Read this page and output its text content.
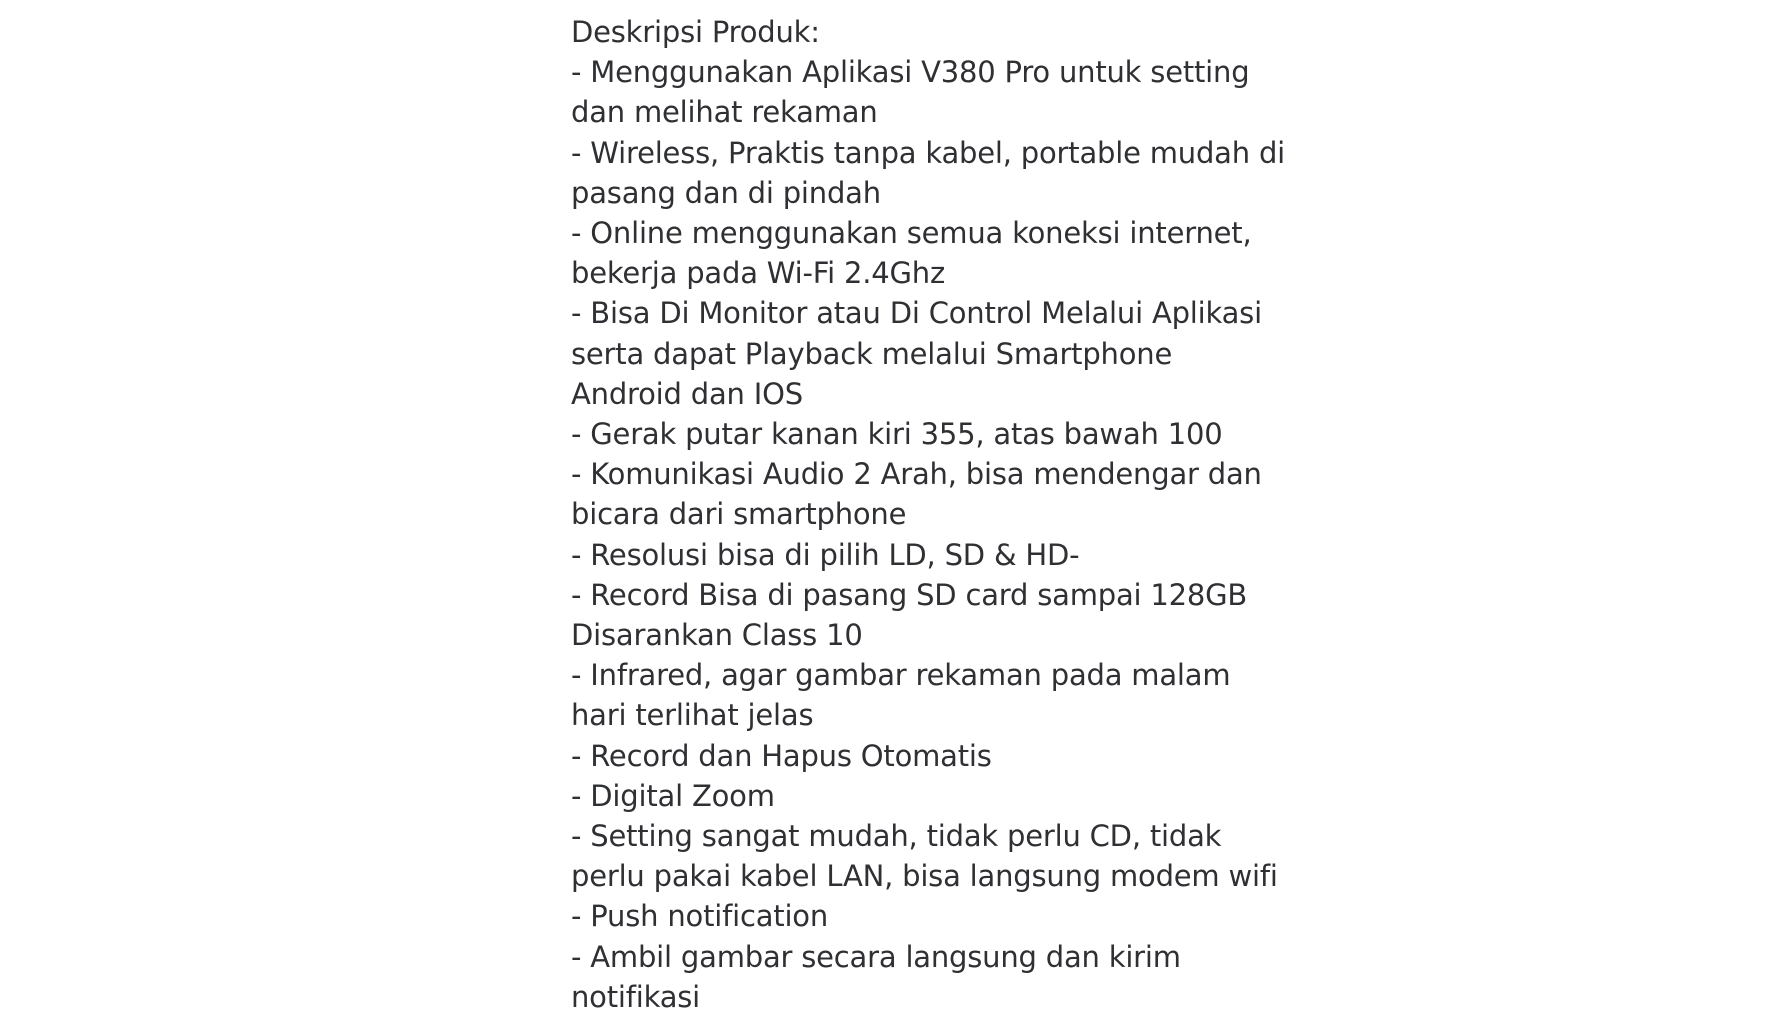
Deskripsi Produk:

- Menggunakan Aplikasi V380 Pro untuk setting dan melihat rekaman

- Wireless, Praktis tanpa kabel, portable mudah di pasang dan di pindah

- Online menggunakan semua koneksi internet, bekerja pada Wi-Fi 2.4Ghz

- Bisa Di Monitor atau Di Control Melalui Aplikasi serta dapat Playback melalui Smartphone Android dan IOS

- Gerak putar kanan kiri 355, atas bawah 100

- Komunikasi Audio 2 Arah, bisa mendengar dan bicara dari smartphone

- Resolusi bisa di pilih LD, SD & HD-

- Record Bisa di pasang SD card sampai 128GB Disarankan Class 10

- Infrared, agar gambar rekaman pada malam hari terlihat jelas

- Record dan Hapus Otomatis

- Digital Zoom

- Setting sangat mudah, tidak perlu CD, tidak perlu pakai kabel LAN, bisa langsung modem wifi

- Push notification

- Ambil gambar secara langsung dan kirim notifikasi
